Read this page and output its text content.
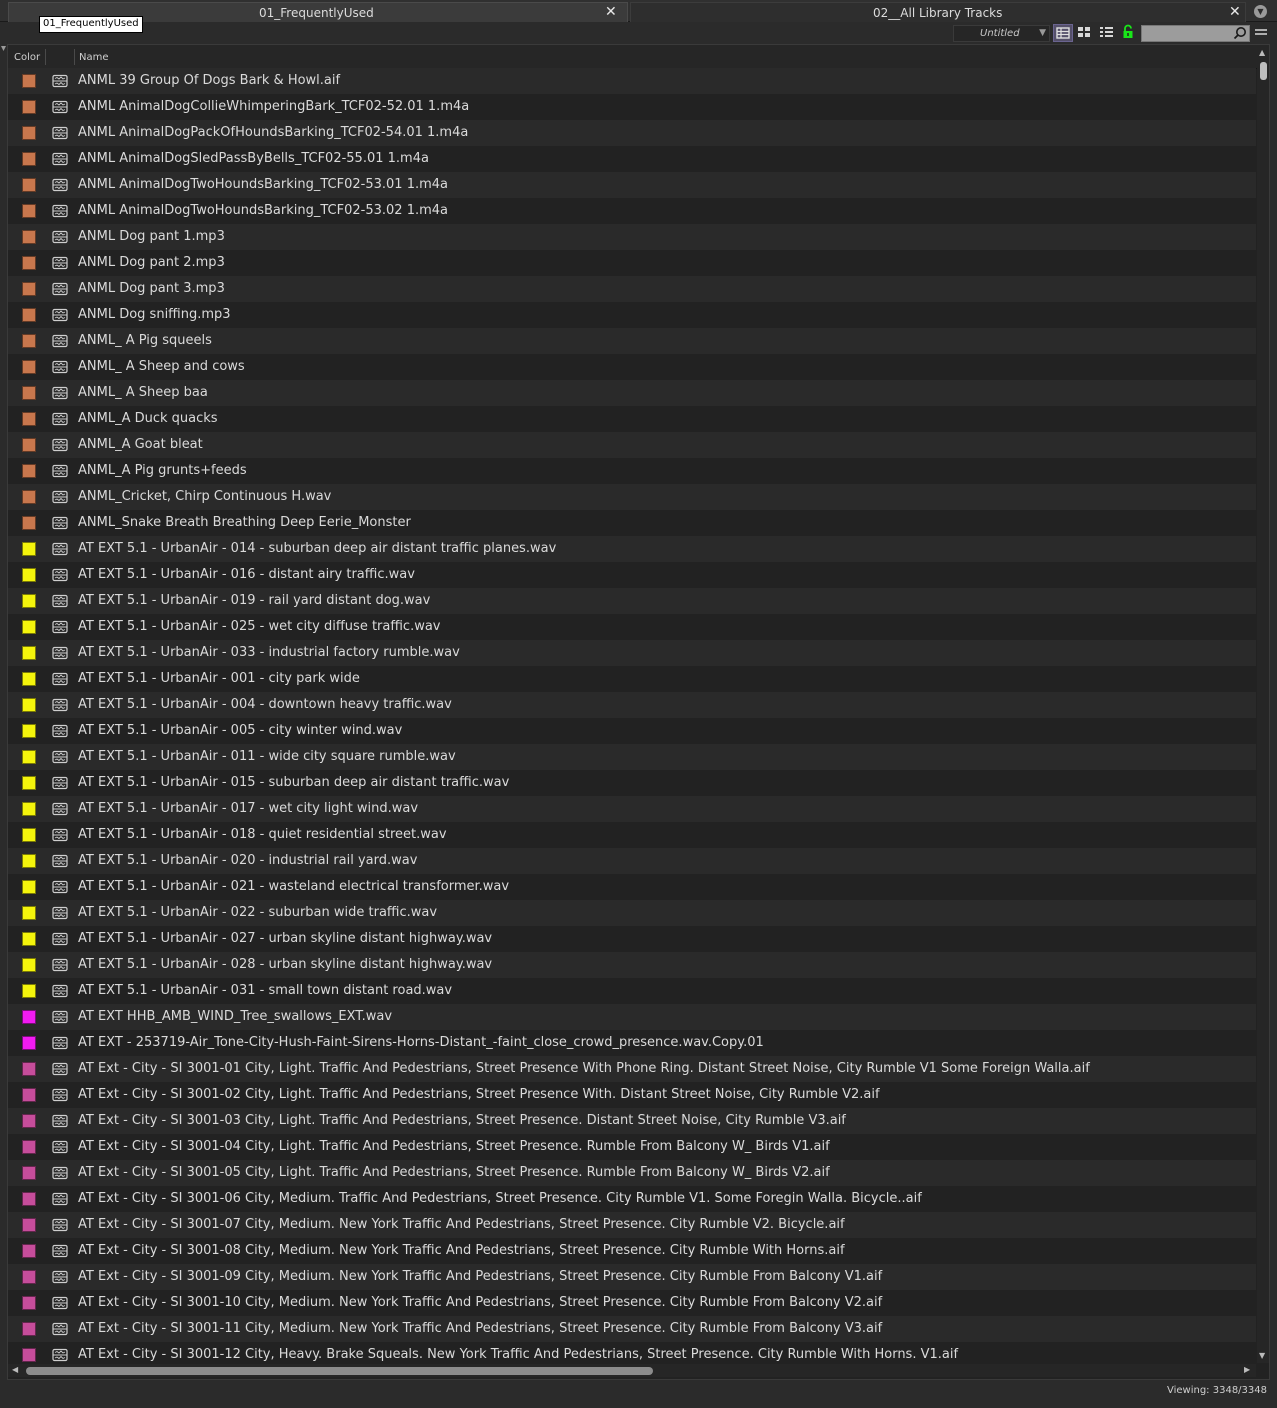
01_FrequentlyUsed	✕	02__All Library Tracks	✕	▼
01_FrequentlyUsed
Untitled ▼
Color	Name
ANML 39 Group Of Dogs Bark & Howl.aif
ANML AnimalDogCollieWhimperingBark_TCF02-52.01 1.m4a
ANML AnimalDogPackOfHoundsBarking_TCF02-54.01 1.m4a
ANML AnimalDogSledPassByBells_TCF02-55.01 1.m4a
ANML AnimalDogTwoHoundsBarking_TCF02-53.01 1.m4a
ANML AnimalDogTwoHoundsBarking_TCF02-53.02 1.m4a
ANML Dog pant 1.mp3
ANML Dog pant 2.mp3
ANML Dog pant 3.mp3
ANML Dog sniffing.mp3
ANML_ A Pig squeels
ANML_ A Sheep and cows
ANML_ A Sheep baa
ANML_A Duck quacks
ANML_A Goat bleat
ANML_A Pig grunts+feeds
ANML_Cricket, Chirp Continuous H.wav
ANML_Snake Breath Breathing Deep Eerie_Monster
AT EXT 5.1 - UrbanAir - 014 - suburban deep air distant traffic planes.wav
AT EXT 5.1 - UrbanAir - 016 - distant airy traffic.wav
AT EXT 5.1 - UrbanAir - 019 - rail yard distant dog.wav
AT EXT 5.1 - UrbanAir - 025 - wet city diffuse traffic.wav
AT EXT 5.1 - UrbanAir - 033 - industrial factory rumble.wav
AT EXT 5.1 - UrbanAir - 001 - city park wide
AT EXT 5.1 - UrbanAir - 004 - downtown heavy traffic.wav
AT EXT 5.1 - UrbanAir - 005 - city winter wind.wav
AT EXT 5.1 - UrbanAir - 011 - wide city square rumble.wav
AT EXT 5.1 - UrbanAir - 015 - suburban deep air distant traffic.wav
AT EXT 5.1 - UrbanAir - 017 - wet city light wind.wav
AT EXT 5.1 - UrbanAir - 018 - quiet residential street.wav
AT EXT 5.1 - UrbanAir - 020 - industrial rail yard.wav
AT EXT 5.1 - UrbanAir - 021 - wasteland electrical transformer.wav
AT EXT 5.1 - UrbanAir - 022 - suburban wide traffic.wav
AT EXT 5.1 - UrbanAir - 027 - urban skyline distant highway.wav
AT EXT 5.1 - UrbanAir - 028 - urban skyline distant highway.wav
AT EXT 5.1 - UrbanAir - 031 - small town distant road.wav
AT EXT HHB_AMB_WIND_Tree_swallows_EXT.wav
AT EXT - 253719-Air_Tone-City-Hush-Faint-Sirens-Horns-Distant_-faint_close_crowd_presence.wav.Copy.01
AT Ext - City - SI 3001-01 City, Light. Traffic And Pedestrians, Street Presence With Phone Ring. Distant Street Noise, City Rumble V1 Some Foreign Walla.aif
AT Ext - City - SI 3001-02 City, Light. Traffic And Pedestrians, Street Presence With. Distant Street Noise, City Rumble V2.aif
AT Ext - City - SI 3001-03 City, Light. Traffic And Pedestrians, Street Presence. Distant Street Noise, City Rumble V3.aif
AT Ext - City - SI 3001-04 City, Light. Traffic And Pedestrians, Street Presence. Rumble From Balcony W_ Birds V1.aif
AT Ext - City - SI 3001-05 City, Light. Traffic And Pedestrians, Street Presence. Rumble From Balcony W_ Birds V2.aif
AT Ext - City - SI 3001-06 City, Medium. Traffic And Pedestrians, Street Presence. City Rumble V1. Some Foregin Walla. Bicycle..aif
AT Ext - City - SI 3001-07 City, Medium. New York Traffic And Pedestrians, Street Presence. City Rumble V2. Bicycle.aif
AT Ext - City - SI 3001-08 City, Medium. New York Traffic And Pedestrians, Street Presence. City Rumble With Horns.aif
AT Ext - City - SI 3001-09 City, Medium. New York Traffic And Pedestrians, Street Presence. City Rumble From Balcony V1.aif
AT Ext - City - SI 3001-10 City, Medium. New York Traffic And Pedestrians, Street Presence. City Rumble From Balcony V2.aif
AT Ext - City - SI 3001-11 City, Medium. New York Traffic And Pedestrians, Street Presence. City Rumble From Balcony V3.aif
AT Ext - City - SI 3001-12 City, Heavy. Brake Squeals. New York Traffic And Pedestrians, Street Presence. City Rumble With Horns. V1.aif
▲
▼
◀	▶
Viewing: 3348/3348
